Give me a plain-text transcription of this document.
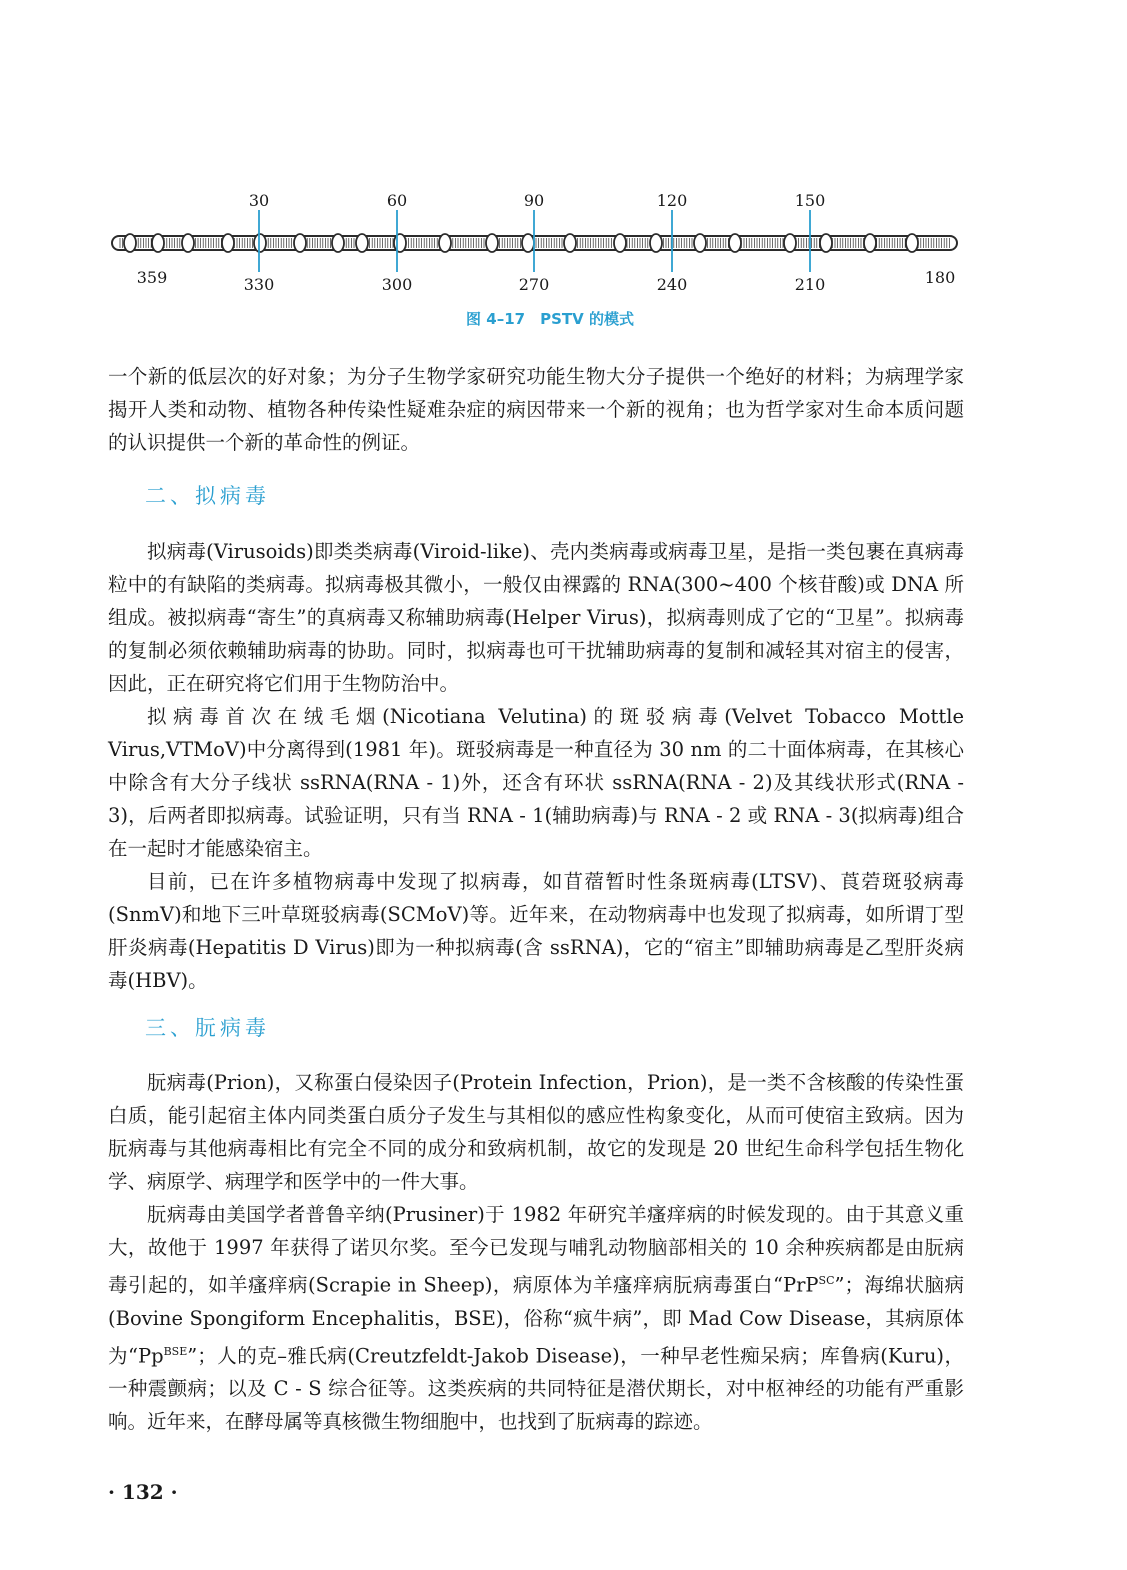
30	60	90	120	150
359	330	300	270	240	210	180
图 4–17　PSTV 的模式

一个新的低层次的好对象；为分子生物学家研究功能生物大分子提供一个绝好的材料；为病理学家揭开人类和动物、植物各种传染性疑难杂症的病因带来一个新的视角；也为哲学家对生命本质问题的认识提供一个新的革命性的例证。

二、拟病毒

拟病毒(Virusoids)即类类病毒(Viroid-like)、壳内类病毒或病毒卫星，是指一类包裹在真病毒粒中的有缺陷的类病毒。拟病毒极其微小，一般仅由裸露的 RNA(300~400 个核苷酸)或 DNA 所组成。被拟病毒“寄生”的真病毒又称辅助病毒(Helper Virus)，拟病毒则成了它的“卫星”。拟病毒的复制必须依赖辅助病毒的协助。同时，拟病毒也可干扰辅助病毒的复制和减轻其对宿主的侵害，因此，正在研究将它们用于生物防治中。

拟病毒首次在绒毛烟(Nicotiana Velutina)的斑驳病毒(Velvet Tobacco Mottle Virus,VTMoV)中分离得到(1981 年)。斑驳病毒是一种直径为 30 nm 的二十面体病毒，在其核心中除含有大分子线状 ssRNA(RNA - 1)外，还含有环状 ssRNA(RNA - 2)及其线状形式(RNA - 3)，后两者即拟病毒。试验证明，只有当 RNA - 1(辅助病毒)与 RNA - 2 或 RNA - 3(拟病毒)组合在一起时才能感染宿主。

目前，已在许多植物病毒中发现了拟病毒，如苜蓿暂时性条斑病毒(LTSV)、莨菪斑驳病毒(SnmV)和地下三叶草斑驳病毒(SCMoV)等。近年来，在动物病毒中也发现了拟病毒，如所谓丁型肝炎病毒(Hepatitis D Virus)即为一种拟病毒(含 ssRNA)，它的“宿主”即辅助病毒是乙型肝炎病毒(HBV)。

三、朊病毒

朊病毒(Prion)，又称蛋白侵染因子(Protein Infection，Prion)，是一类不含核酸的传染性蛋白质，能引起宿主体内同类蛋白质分子发生与其相似的感应性构象变化，从而可使宿主致病。因为朊病毒与其他病毒相比有完全不同的成分和致病机制，故它的发现是 20 世纪生命科学包括生物化学、病原学、病理学和医学中的一件大事。

朊病毒由美国学者普鲁辛纳(Prusiner)于 1982 年研究羊瘙痒病的时候发现的。由于其意义重大，故他于 1997 年获得了诺贝尔奖。至今已发现与哺乳动物脑部相关的 10 余种疾病都是由朊病毒引起的，如羊瘙痒病(Scrapie in Sheep)，病原体为羊瘙痒病朊病毒蛋白“PrP$^{SC}$”；海绵状脑病(Bovine Spongiform Encephalitis，BSE)，俗称“疯牛病”，即 Mad Cow Disease，其病原体为“$Pp^{BSE}$”；人的克–雅氏病(Creutzfeldt-Jakob Disease)，一种早老性痴呆病；库鲁病(Kuru)，一种震颤病；以及 C - S 综合征等。这类疾病的共同特征是潜伏期长，对中枢神经的功能有严重影响。近年来，在酵母属等真核微生物细胞中，也找到了朊病毒的踪迹。

· 132 ·
